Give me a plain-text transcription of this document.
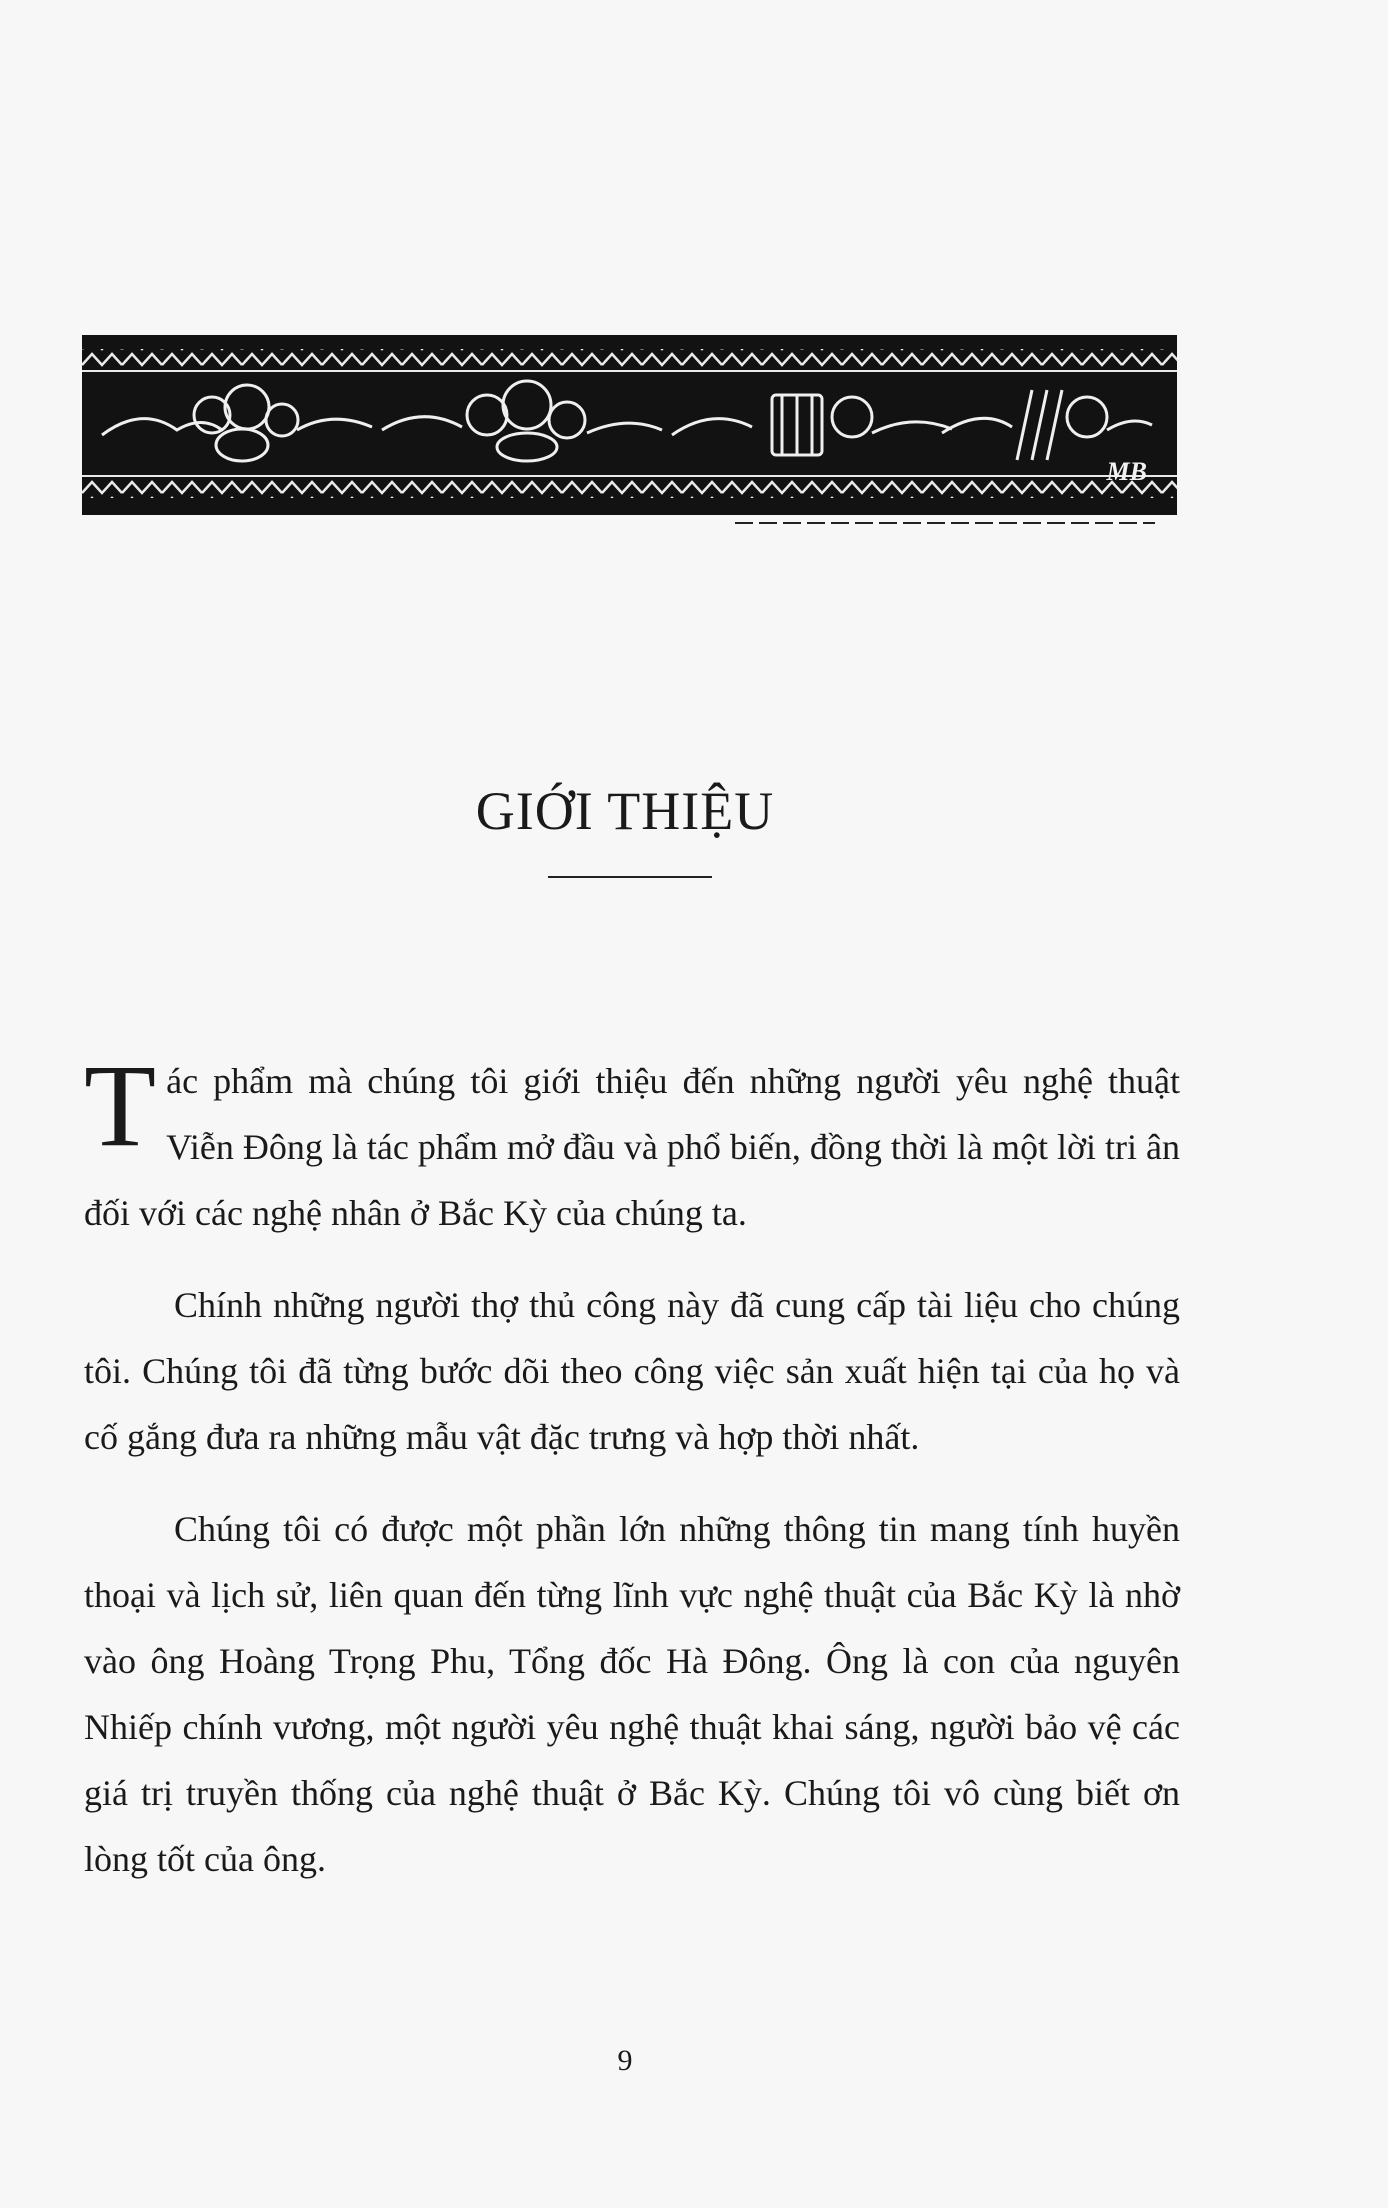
MB
GIỚI THIỆU

Tác phẩm mà chúng tôi giới thiệu đến những người yêu nghệ thuật Viễn Đông là tác phẩm mở đầu và phổ biến, đồng thời là một lời tri ân đối với các nghệ nhân ở Bắc Kỳ của chúng ta.

Chính những người thợ thủ công này đã cung cấp tài liệu cho chúng tôi. Chúng tôi đã từng bước dõi theo công việc sản xuất hiện tại của họ và cố gắng đưa ra những mẫu vật đặc trưng và hợp thời nhất.

Chúng tôi có được một phần lớn những thông tin mang tính huyền thoại và lịch sử, liên quan đến từng lĩnh vực nghệ thuật của Bắc Kỳ là nhờ vào ông Hoàng Trọng Phu, Tổng đốc Hà Đông. Ông là con của nguyên Nhiếp chính vương, một người yêu nghệ thuật khai sáng, người bảo vệ các giá trị truyền thống của nghệ thuật ở Bắc Kỳ. Chúng tôi vô cùng biết ơn lòng tốt của ông.

9
